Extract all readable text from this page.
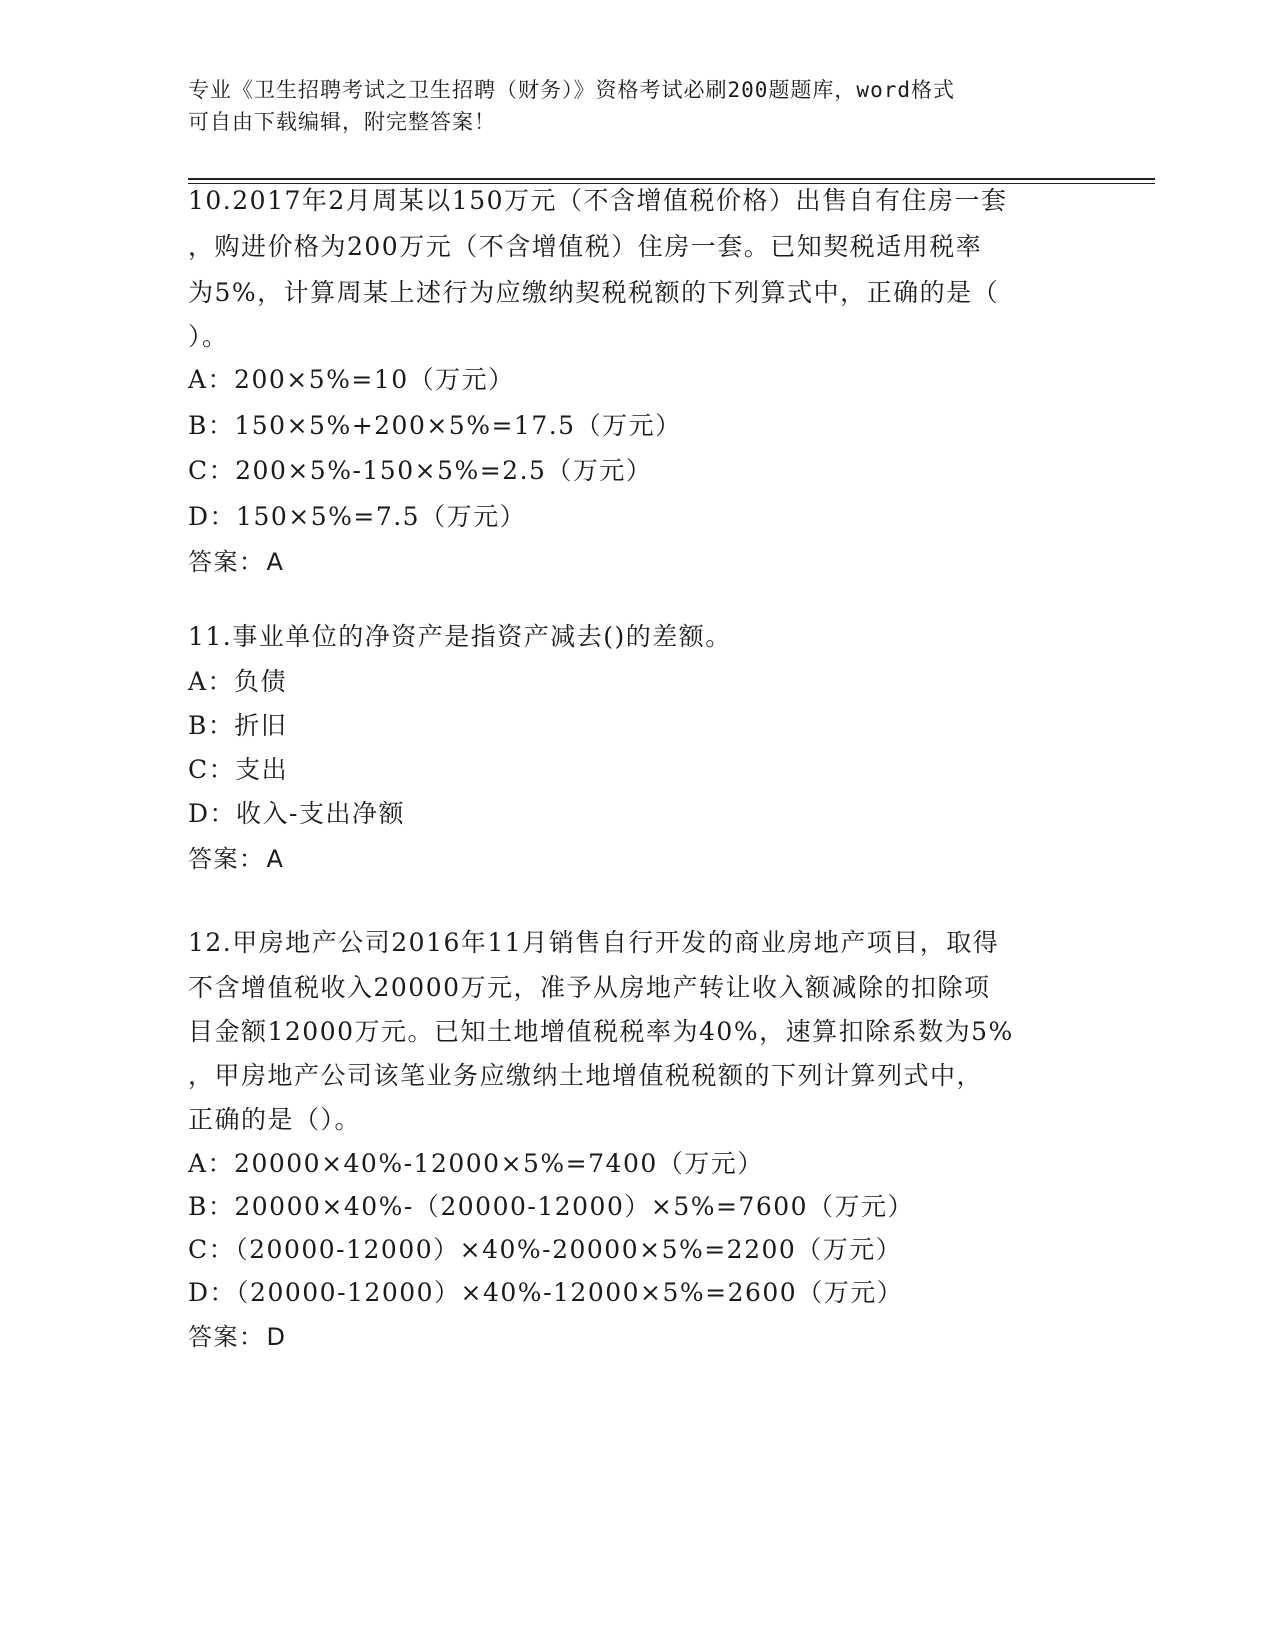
专业《卫生招聘考试之卫生招聘（财务）》资格考试必刷200题题库，word格式
可自由下载编辑，附完整答案！
10.2017年2月周某以150万元（不含增值税价格）出售自有住房一套
，购进价格为200万元（不含增值税）住房一套。已知契税适用税率
为5%，计算周某上述行为应缴纳契税税额的下列算式中，正确的是（
）。
A：200×5%=10（万元）
B：150×5%+200×5%=17.5（万元）
C：200×5%-150×5%=2.5（万元）
D：150×5%=7.5（万元）
答案：A
11.事业单位的净资产是指资产减去()的差额。
A：负债
B：折旧
C：支出
D：收入-支出净额
答案：A
12.甲房地产公司2016年11月销售自行开发的商业房地产项目，取得
不含增值税收入20000万元，准予从房地产转让收入额减除的扣除项
目金额12000万元。已知土地增值税税率为40%，速算扣除系数为5%
，甲房地产公司该笔业务应缴纳土地增值税税额的下列计算列式中，
正确的是（）。
A：20000×40%-12000×5%=7400（万元）
B：20000×40%-（20000-12000）×5%=7600（万元）
C：（20000-12000）×40%-20000×5%=2200（万元）
D：（20000-12000）×40%-12000×5%=2600（万元）
答案：D
